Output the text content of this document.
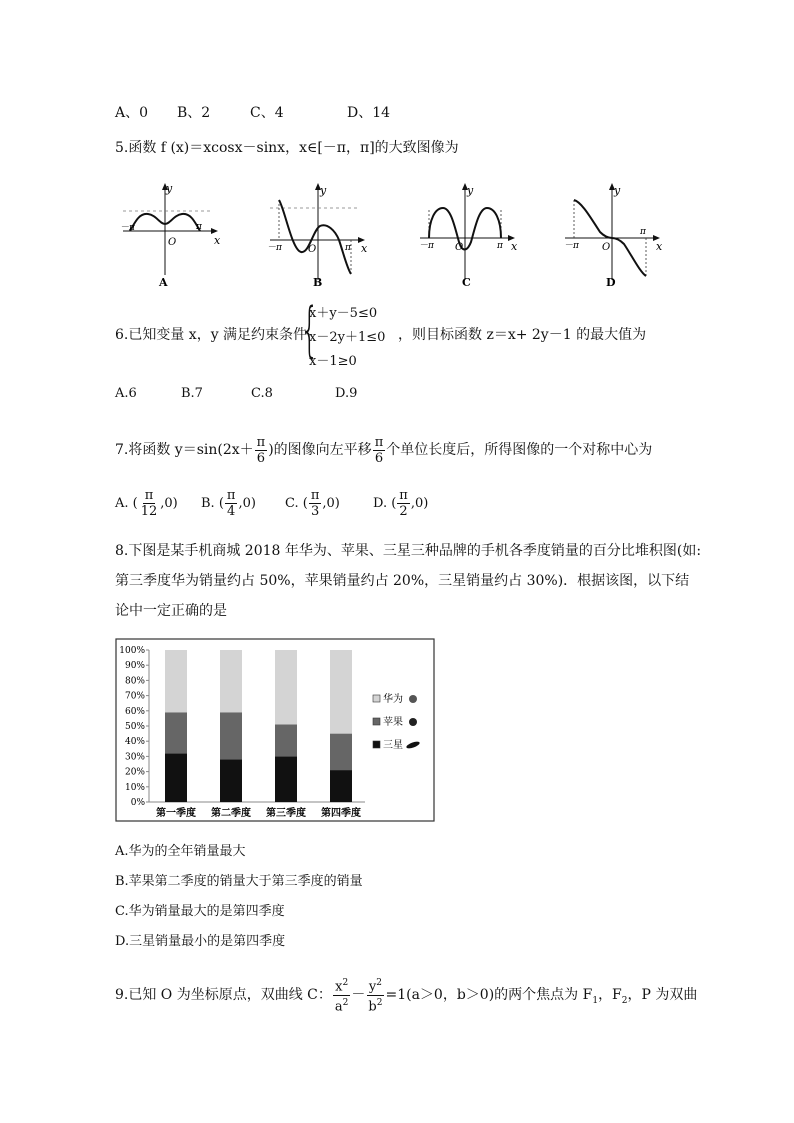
A、0 B、2	C、4	D、14
5.函数 f (x)＝xcosx－sinx，x∈[－π，π]的大致图像为
y
x
－π	π
O
A
y
x
－π	π
O
B
y
x
－π	π
O
C
y
x
－π
π
O
D
6.已知变量 x，y 满足约束条件
{
x＋y－5≤0
x－2y＋1≤0
x－1≥0
，则目标函数 z＝x+ 2y－1 的最大值为
A.6	B.7	C.8	D.9
7.将函数 $y=\sin(2x+ \frac{\pi}{6}$ )的图像向左平移 $\frac{\pi}{6}$ 个单位长度后，所得图像的一个对称中心为
A. ( $\frac{\pi}{12} ,0$) B. ( $\frac{\pi}{4} ,0$) C. ( $\frac{\pi}{3} ,0$)	D. ( $\frac{\pi}{2} ,0$)
8.下图是某手机商城 2018 年华为、苹果、三星三种品牌的手机各季度销量的百分比堆积图(如:
第三季度华为销量约占 50%，苹果销量约占 20%，三星销量约占 30%)．根据该图，以下结
论中一定正确的是
0%
10%
20%
30%
40%
50%
60%
70%
80%
90%
100%
第一季度 第二季度 第三季度 第四季度
华为
苹果
三星
A.华为的全年销量最大
B.苹果第二季度的销量大于第三季度的销量
C.华为销量最大的是第四季度
D.三星销量最小的是第四季度
9.已知 O 为坐标原点，双曲线 C： $\frac{x^2}{a^2} - \frac{y^2}{b^2} =1(a>0$，b＞0)的两个焦点为 $F_1$，$F_2$，P 为双曲
